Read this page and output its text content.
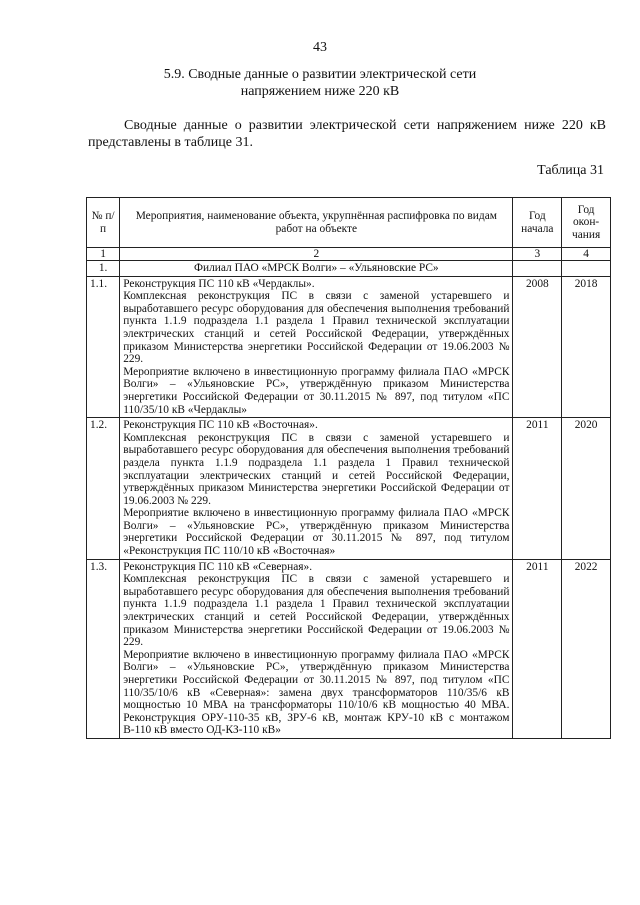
43
5.9. Сводные данные о развитии электрической сети
напряжением ниже 220 кВ
Сводные данные о развитии электрической сети напряжением ниже 220 кВ представлены в таблице 31.
Таблица 31
№ п/п	Мероприятия, наименование объекта, укрупнённая распифровка по видам работ на объекте	Год начала	Год окон-чания
1	2	3	4
1.	Филиал ПАО «МРСК Волги» – «Ульяновские РС»		
1.1.	Реконструкция ПС 110 кВ «Чердаклы».

Комплексная реконструкция ПС в связи с заменой устаревшего и выработавшего ресурс оборудования для обеспечения выполнения требований пункта 1.1.9 подраздела 1.1 раздела 1 Правил технической эксплуатации электрических станций и сетей Российской Федерации, утверждённых приказом Министерства энергетики Российской Федерации от 19.06.2003 № 229.

Мероприятие включено в инвестиционную программу филиала ПАО «МРСК Волги» – «Ульяновские РС», утверждённую приказом Министерства энергетики Российской Федерации от 30.11.2015 № 897, под титулом «ПС 110/35/10 кВ «Чердаклы»	2008	2018
1.2.	Реконструкция ПС 110 кВ «Восточная».

Комплексная реконструкция ПС в связи с заменой устаревшего и выработавшего ресурс оборудования для обеспечения выполнения требований раздела пункта 1.1.9 подраздела 1.1 раздела 1 Правил технической эксплуатации электрических станций и сетей Российской Федерации, утверждённых приказом Министерства энергетики Российской Федерации от 19.06.2003 № 229.

Мероприятие включено в инвестиционную программу филиала ПАО «МРСК Волги» – «Ульяновские РС», утверждённую приказом Министерства энергетики Российской Федерации от 30.11.2015 № 897, под титулом «Реконструкция ПС 110/10 кВ «Восточная»	2011	2020
1.3.	Реконструкция ПС 110 кВ «Северная».

Комплексная реконструкция ПС в связи с заменой устаревшего и выработавшего ресурс оборудования для обеспечения выполнения требований пункта 1.1.9 подраздела 1.1 раздела 1 Правил технической эксплуатации электрических станций и сетей Российской Федерации, утверждённых приказом Министерства энергетики Российской Федерации от 19.06.2003 № 229.

Мероприятие включено в инвестиционную программу филиала ПАО «МРСК Волги» – «Ульяновские РС», утверждённую приказом Министерства энергетики Российской Федерации от 30.11.2015 № 897, под титулом «ПС 110/35/10/6 кВ «Северная»: замена двух трансформаторов 110/35/6 кВ мощностью 10 МВА на трансформаторы 110/10/6 кВ мощностью 40 МВА. Реконструкция ОРУ-110-35 кВ, ЗРУ-6 кВ, монтаж КРУ-10 кВ с монтажом В-110 кВ вместо ОД-КЗ-110 кВ»	2011	2022
